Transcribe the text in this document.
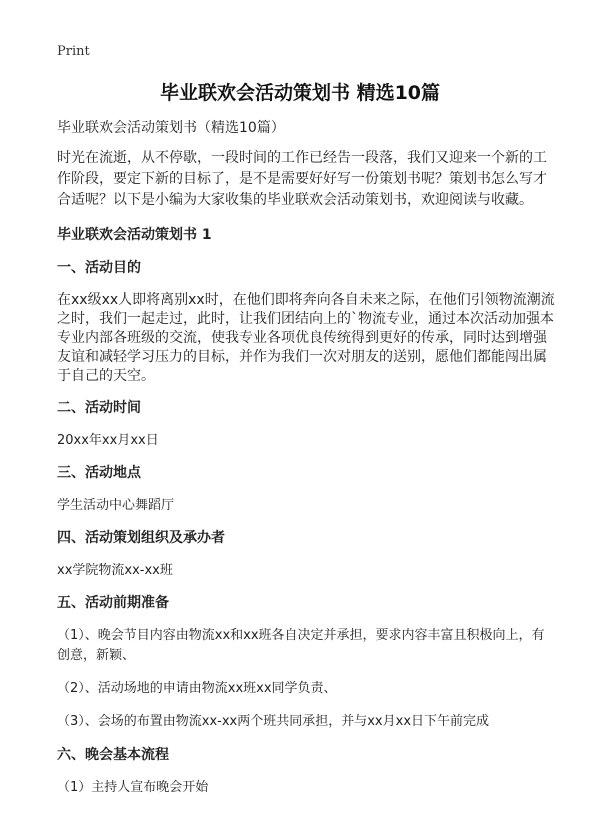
Print
毕业联欢会活动策划书 精选10篇
毕业联欢会活动策划书（精选10篇）
时光在流逝，从不停歇，一段时间的工作已经告一段落，我们又迎来一个新的工作阶段，要定下新的目标了，是不是需要好好写一份策划书呢？策划书怎么写才合适呢？以下是小编为大家收集的毕业联欢会活动策划书，欢迎阅读与收藏。
毕业联欢会活动策划书 1
一、活动目的
在xx级xx人即将离别xx时，在他们即将奔向各自未来之际，在他们引领物流潮流之时，我们一起走过，此时，让我们团结向上的`物流专业，通过本次活动加强本专业内部各班级的交流，使我专业各项优良传统得到更好的传承，同时达到增强友谊和减轻学习压力的目标，并作为我们一次对朋友的送别，愿他们都能闯出属于自己的天空。
二、活动时间
20xx年xx月xx日
三、活动地点
学生活动中心舞蹈厅
四、活动策划组织及承办者
xx学院物流xx-xx班
五、活动前期准备
（1）、晚会节目内容由物流xx和xx班各自决定并承担，要求内容丰富且积极向上，有创意，新颖、
（2）、活动场地的申请由物流xx班xx同学负责、
（3）、会场的布置由物流xx-xx两个班共同承担，并与xx月xx日下午前完成
六、晚会基本流程
（1）主持人宣布晚会开始
